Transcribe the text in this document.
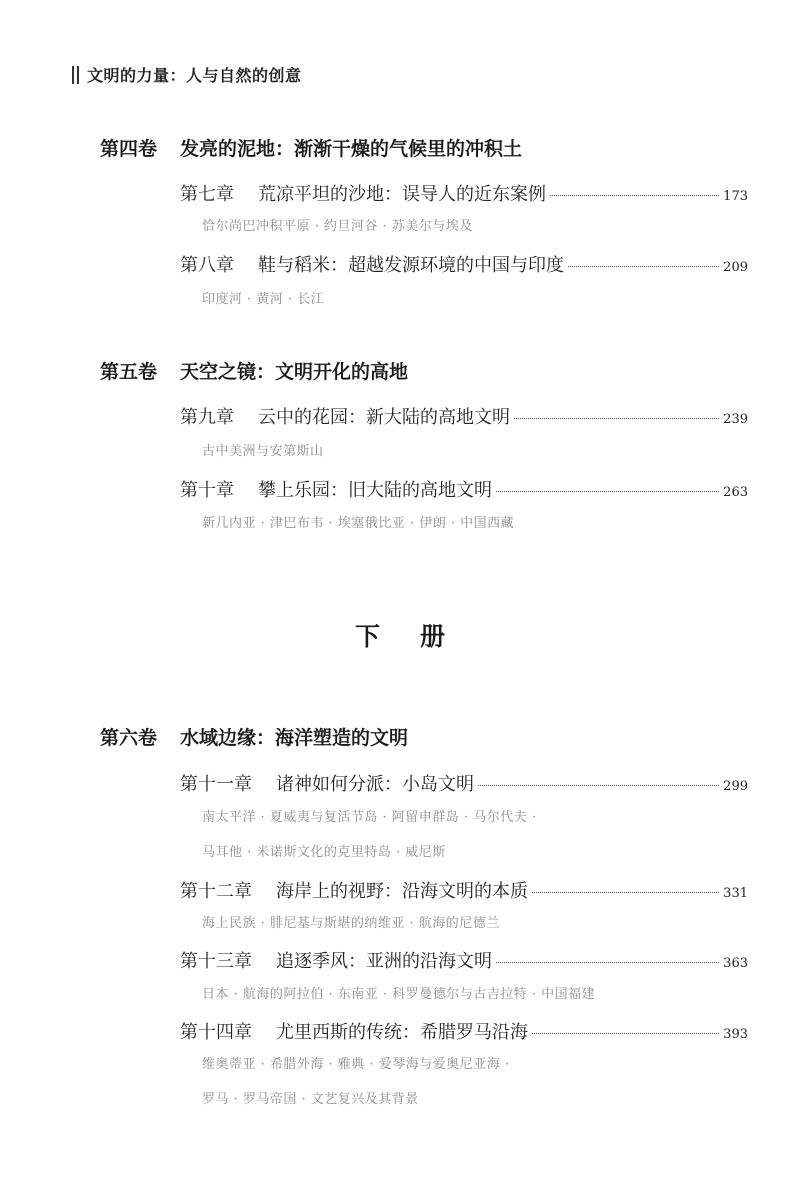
文明的力量：人与自然的创意
第四卷	发亮的泥地：渐渐干燥的气候里的冲积土
第七章 荒凉平坦的沙地：误导人的近东案例	173
恰尔尚巴冲积平原 · 约旦河谷 · 苏美尔与埃及
第八章 鞋与稻米：超越发源环境的中国与印度	209
印度河 · 黄河 · 长江
第五卷	天空之镜：文明开化的高地
第九章 云中的花园：新大陆的高地文明	239
古中美洲与安第斯山
第十章 攀上乐园：旧大陆的高地文明	263
新几内亚 · 津巴布韦 · 埃塞俄比亚 · 伊朗 · 中国西藏
下册
第六卷	水域边缘：海洋塑造的文明
第十一章 诸神如何分派：小岛文明	299
南太平洋 · 夏威夷与复活节岛 · 阿留申群岛 · 马尔代夫 ·
马耳他 · 米诺斯文化的克里特岛 · 威尼斯
第十二章 海岸上的视野：沿海文明的本质	331
海上民族 · 腓尼基与斯堪的纳维亚 · 航海的尼德兰
第十三章 追逐季风：亚洲的沿海文明	363
日本 · 航海的阿拉伯 · 东南亚 · 科罗曼德尔与古吉拉特 · 中国福建
第十四章 尤里西斯的传统：希腊罗马沿海	393
维奥蒂亚 · 希腊外海 · 雅典 · 爱琴海与爱奥尼亚海 ·
罗马 · 罗马帝国 · 文艺复兴及其背景
